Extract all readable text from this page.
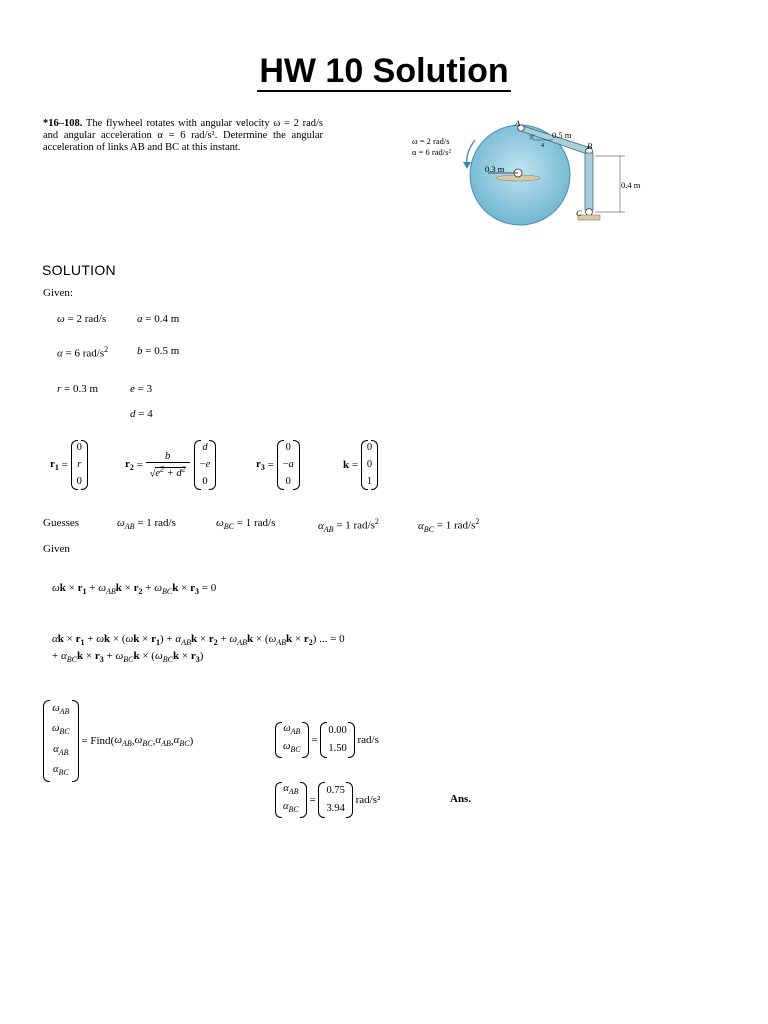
HW 10 Solution
*16–108. The flywheel rotates with angular velocity ω = 2 rad/s and angular acceleration α = 6 rad/s². Determine the angular acceleration of links AB and BC at this instant.
ω = 2 rad/s
α = 6 rad/s²
A
B
C
0.5 m
0.3 m
0.4 m
3
4
SOLUTION
Given:
ω = 2 rad/s	a = 0.4 m
α = 6 rad/$s^2$	b = 0.5 m
r = 0.3 m	e = 3
d = 4
$r_1$ =
0
r
0
$r_2$ =
b
$√e^2 + d^2$
d
−e
0
$r_3$ =
0
−a
0
k =
0
0
1
Guesses	$\omega_{AB} = 1$ rad/s	$\omega_{BC} = 1$ rad/s	$\alpha_{AB} = 1$ rad/$s^2$	$\alpha_{BC} = 1$ rad/$s^2$
Given
$\omega k \times r_1 + \omega_{AB}k \times r_2 + \omega_{BC}k \times r_3 = 0$
$\alpha k \times r_1 + \omega k \times (\omega k \times r_1) + \alpha_{AB}k \times r_2 + \omega_{AB}k \times (\omega_{AB}k \times r_2)$ ... = 0
+ $\alpha_{BC}k \times r_3 + \omega_{BC}k \times (\omega_{BC}k \times r_3)$
$\omega_{AB}$
$\omega_{BC}$
$\alpha_{AB}$
$\alpha_{BC}$
= Find ( $\omega_{AB}$ , $\omega_{BC}$ , $\alpha_{AB}$ , $\alpha_{BC}$ )
$\omega_{AB}$
$\omega_{BC}$
=
0.00
1.50

rad/s
$\alpha_{AB}$
$\alpha_{BC}$
=
0.75
3.94

rad/s²	Ans.
